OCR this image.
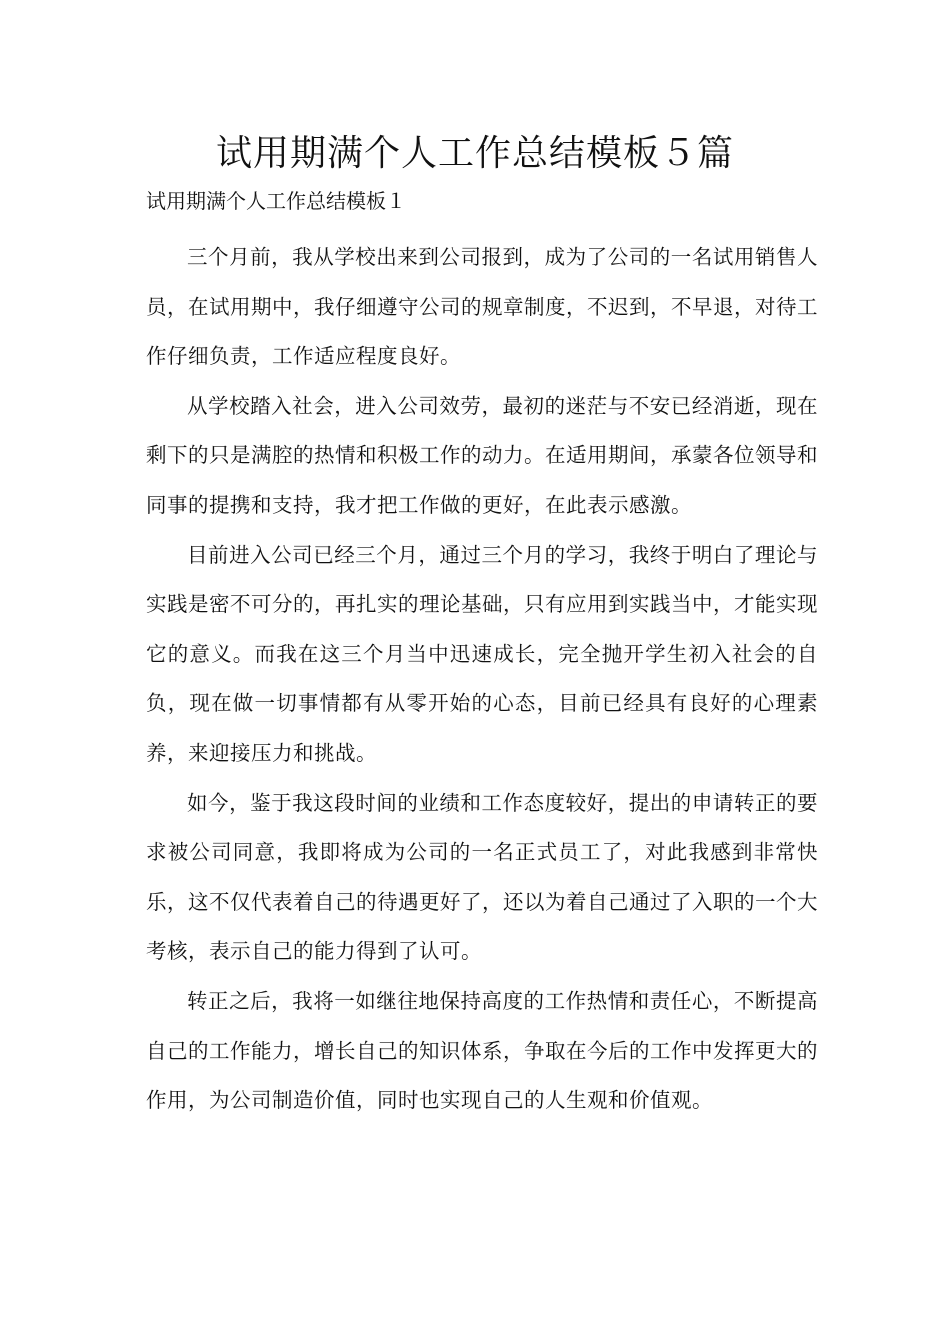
试用期满个人工作总结模板５篇

试用期满个人工作总结模板１

三个月前，我从学校出来到公司报到，成为了公司的一名试用销售人员，在试用期中，我仔细遵守公司的规章制度，不迟到，不早退，对待工作仔细负责，工作适应程度良好。

从学校踏入社会，进入公司效劳，最初的迷茫与不安已经消逝，现在剩下的只是满腔的热情和积极工作的动力。在适用期间，承蒙各位领导和同事的提携和支持，我才把工作做的更好，在此表示感激。

目前进入公司已经三个月，通过三个月的学习，我终于明白了理论与实践是密不可分的，再扎实的理论基础，只有应用到实践当中，才能实现它的意义。而我在这三个月当中迅速成长，完全抛开学生初入社会的自负，现在做一切事情都有从零开始的心态，目前已经具有良好的心理素养，来迎接压力和挑战。

如今，鉴于我这段时间的业绩和工作态度较好，提出的申请转正的要求被公司同意，我即将成为公司的一名正式员工了，对此我感到非常快乐，这不仅代表着自己的待遇更好了，还以为着自己通过了入职的一个大考核，表示自己的能力得到了认可。

转正之后，我将一如继往地保持高度的工作热情和责任心，不断提高自己的工作能力，增长自己的知识体系，争取在今后的工作中发挥更大的作用，为公司制造价值，同时也实现自己的人生观和价值观。
